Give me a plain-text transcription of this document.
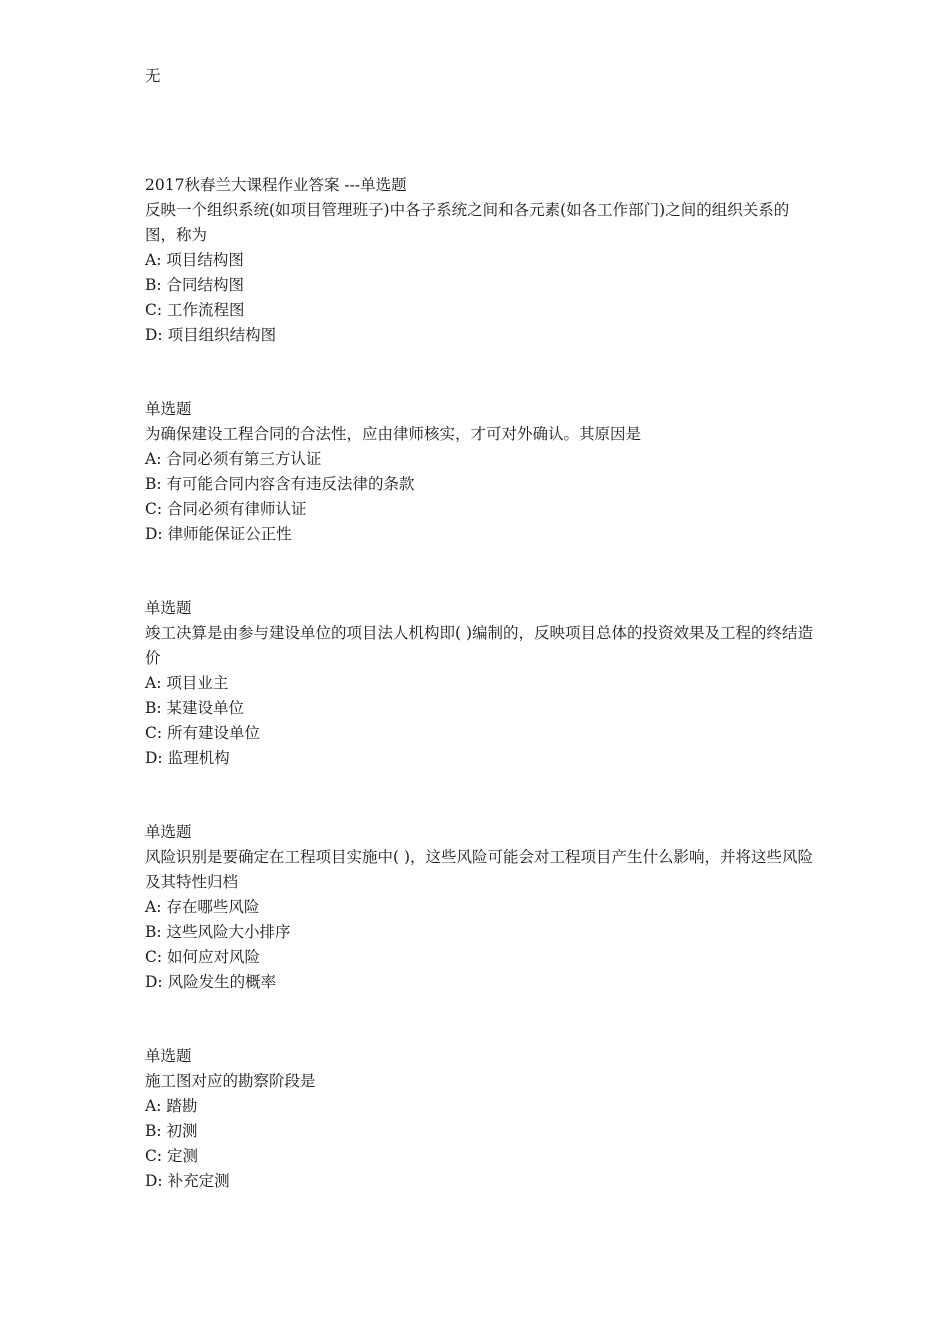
无
2017秋春兰大课程作业答案 ---单选题
反映一个组织系统(如项目管理班子)中各子系统之间和各元素(如各工作部门)之间的组织关系的图，称为
A: 项目结构图
B: 合同结构图
C: 工作流程图
D: 项目组织结构图
单选题
为确保建设工程合同的合法性，应由律师核实，才可对外确认。其原因是
A: 合同必须有第三方认证
B: 有可能合同内容含有违反法律的条款
C: 合同必须有律师认证
D: 律师能保证公正性
单选题
竣工决算是由参与建设单位的项目法人机构即( )编制的，反映项目总体的投资效果及工程的终结造价
A: 项目业主
B: 某建设单位
C: 所有建设单位
D: 监理机构
单选题
风险识别是要确定在工程项目实施中( )，这些风险可能会对工程项目产生什么影响，并将这些风险及其特性归档
A: 存在哪些风险
B: 这些风险大小排序
C: 如何应对风险
D: 风险发生的概率
单选题
施工图对应的勘察阶段是
A: 踏勘
B: 初测
C: 定测
D: 补充定测
